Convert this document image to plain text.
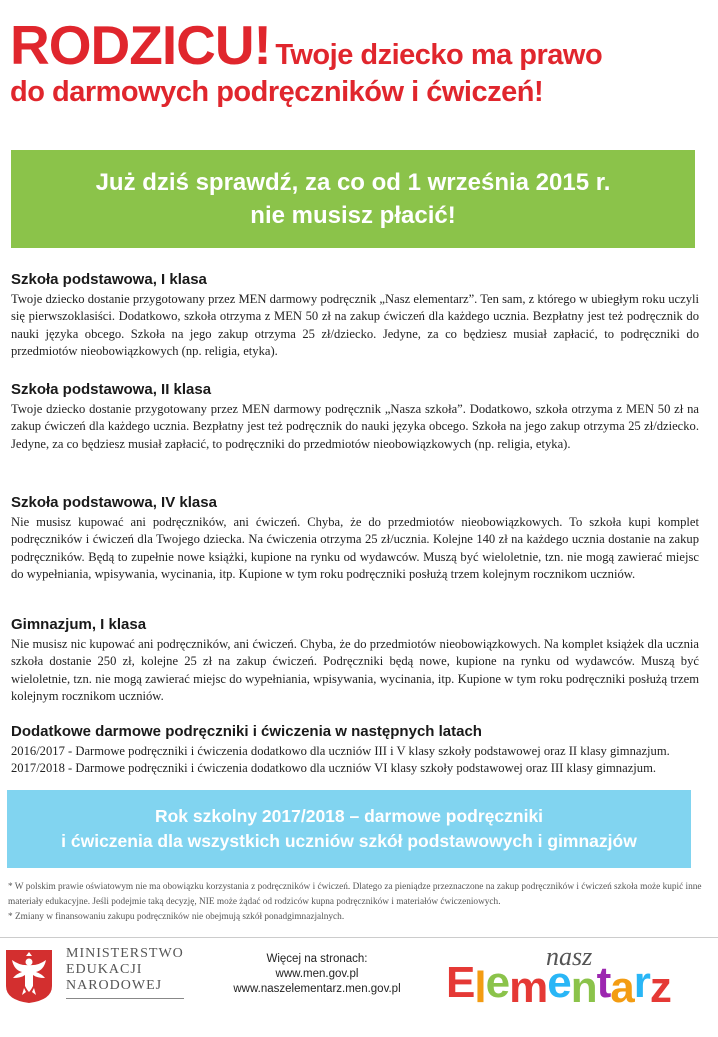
RODZICU! Twoje dziecko ma prawo
do darmowych podręczników i ćwiczeń!
Już dziś sprawdź, za co od 1 września 2015 r.
nie musisz płacić!
Szkoła podstawowa, I klasa

Twoje dziecko dostanie przygotowany przez MEN darmowy podręcznik „Nasz elementarz”. Ten sam, z którego w ubiegłym roku uczyli się pierwszoklasiści. Dodatkowo, szkoła otrzyma z MEN 50 zł na zakup ćwiczeń dla każdego ucznia. Bezpłatny jest też podręcznik do nauki języka obcego. Szkoła na jego zakup otrzyma 25 zł/dziecko. Jedyne, za co będziesz musiał zapłacić, to podręczniki do przedmiotów nieobowiązkowych (np. religia, etyka).

Szkoła podstawowa, II klasa

Twoje dziecko dostanie przygotowany przez MEN darmowy podręcznik „Nasza szkoła”. Dodatkowo, szkoła otrzyma z MEN 50 zł na zakup ćwiczeń dla każdego ucznia. Bezpłatny jest też podręcznik do nauki języka obcego. Szkoła na jego zakup otrzyma 25 zł/dziecko. Jedyne, za co będziesz musiał zapłacić, to podręczniki do przedmiotów nieobowiązkowych (np. religia, etyka).

Szkoła podstawowa, IV klasa

Nie musisz kupować ani podręczników, ani ćwiczeń. Chyba, że do przedmiotów nieobowiązkowych. To szkoła kupi komplet podręczników i ćwiczeń dla Twojego dziecka. Na ćwiczenia otrzyma 25 zł/ucznia. Kolejne 140 zł na każdego ucznia dostanie na zakup podręczników. Będą to zupełnie nowe książki, kupione na rynku od wydawców. Muszą być wieloletnie, tzn. nie mogą zawierać miejsc do wypełniania, wpisywania, wycinania, itp. Kupione w tym roku podręczniki posłużą trzem kolejnym rocznikom uczniów.

Gimnazjum, I klasa

Nie musisz nic kupować ani podręczników, ani ćwiczeń. Chyba, że do przedmiotów nieobowiązkowych. Na komplet książek dla ucznia szkoła dostanie 250 zł, kolejne 25 zł na zakup ćwiczeń. Podręczniki będą nowe, kupione na rynku od wydawców. Muszą być wieloletnie, tzn. nie mogą zawierać miejsc do wypełniania, wpisywania, wycinania, itp. Kupione w tym roku podręczniki posłużą trzem kolejnym rocznikom uczniów.

Dodatkowe darmowe podręczniki i ćwiczenia w następnych latach

2016/2017 - Darmowe podręczniki i ćwiczenia dodatkowo dla uczniów III i V klasy szkoły podstawowej oraz II klasy gimnazjum.

2017/2018 - Darmowe podręczniki i ćwiczenia dodatkowo dla uczniów VI klasy szkoły podstawowej oraz III klasy gimnazjum.

Rok szkolny 2017/2018 – darmowe podręczniki
i ćwiczenia dla wszystkich uczniów szkół podstawowych i gimnazjów
* W polskim prawie oświatowym nie ma obowiązku korzystania z podręczników i ćwiczeń. Dlatego za pieniądze przeznaczone na zakup podręczników i ćwiczeń szkoła może kupić inne materiały edukacyjne. Jeśli podejmie taką decyzję, NIE może żądać od rodziców kupna podręczników i materiałów ćwiczeniowych.
* Zmiany w finansowaniu zakupu podręczników nie obejmują szkół ponadgimnazjalnych.
MINISTERSTWO
EDUKACJI
NARODOWEJ
Więcej na stronach:
www.men.gov.pl
www.naszelementarz.men.gov.pl
nasz
Elementarz
